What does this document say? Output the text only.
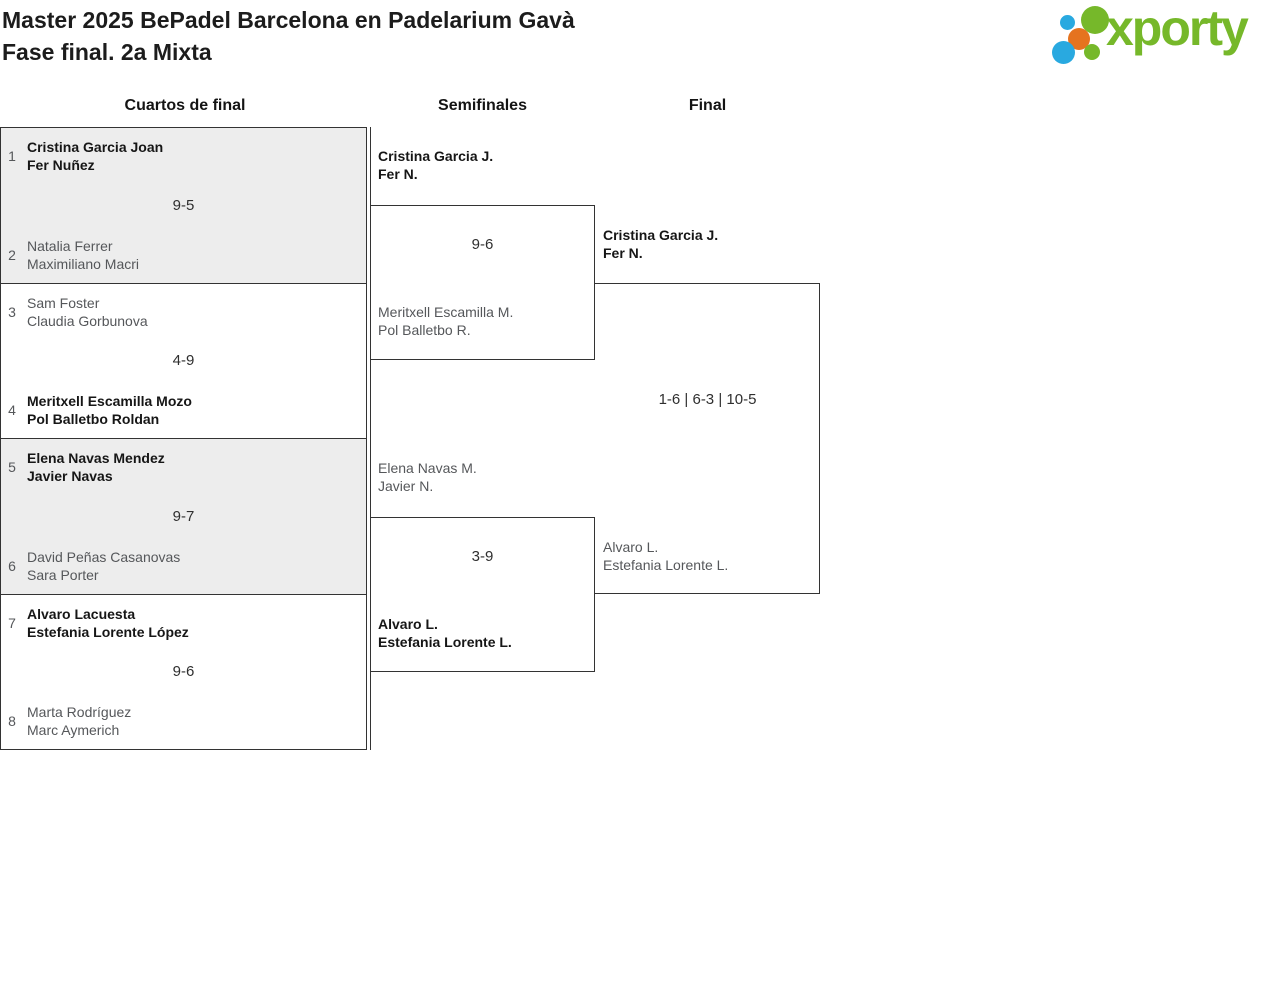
Master 2025 BePadel Barcelona en Padelarium Gavà
Fase final. 2a Mixta	xporty
Cuartos de final	Semifinales	Final
1
Cristina Garcia Joan
Fer Nuñez
9-5
2
Natalia Ferrer
Maximiliano Macri
3
Sam Foster
Claudia Gorbunova
4-9
4
Meritxell Escamilla Mozo
Pol Balletbo Roldan
5
Elena Navas Mendez
Javier Navas
9-7
6
David Peñas Casanovas
Sara Porter
7
Alvaro Lacuesta
Estefania Lorente López
9-6
8
Marta Rodríguez
Marc Aymerich
Cristina Garcia J.
Fer N.
9-6
Meritxell Escamilla M.
Pol Balletbo R.
Elena Navas M.
Javier N.
3-9
Alvaro L.
Estefania Lorente L.
Cristina Garcia J.
Fer N.
1-6 | 6-3 | 10-5
Alvaro L.
Estefania Lorente L.
